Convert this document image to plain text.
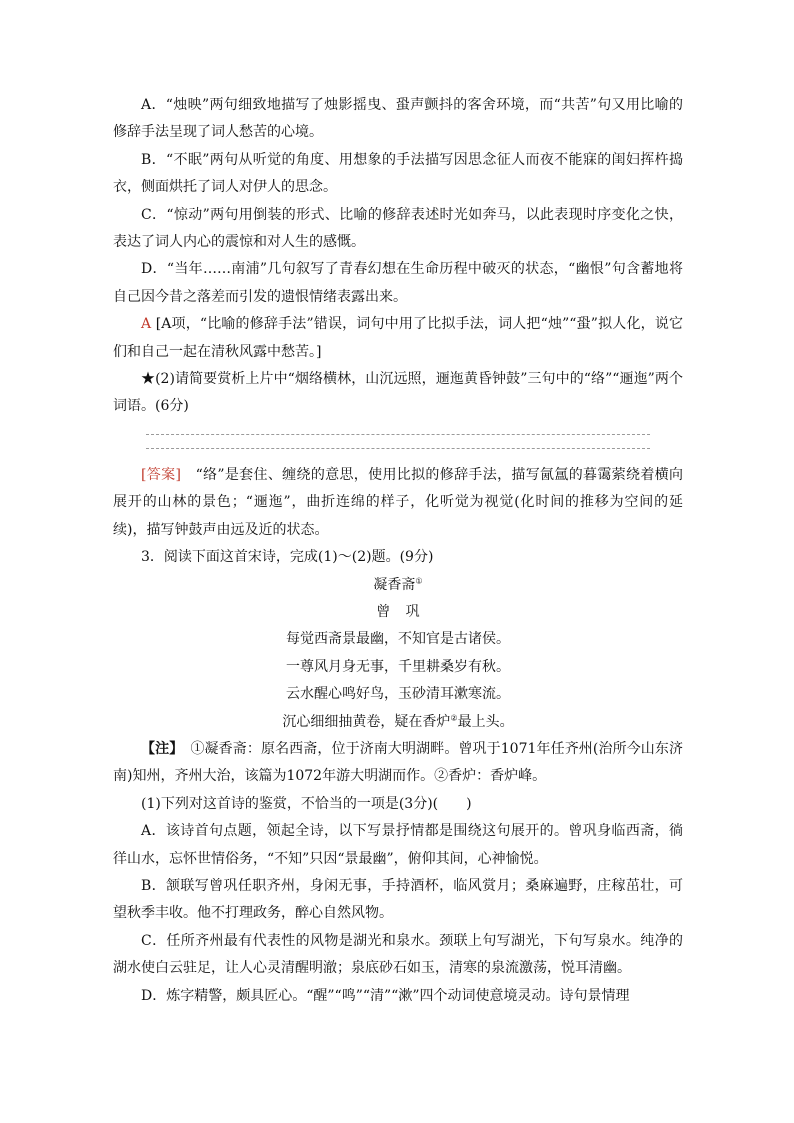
A．“烛映”两句细致地描写了烛影摇曳、蛩声颤抖的客舍环境，而“共苦”句又用比喻的修辞手法呈现了词人愁苦的心境。

B．“不眠”两句从听觉的角度、用想象的手法描写因思念征人而夜不能寐的闺妇挥杵捣衣，侧面烘托了词人对伊人的思念。

C．“惊动”两句用倒装的形式、比喻的修辞表述时光如奔马，以此表现时序变化之快，表达了词人内心的震惊和对人生的感慨。

D．“当年……南浦”几句叙写了青春幻想在生命历程中破灭的状态，“幽恨”句含蓄地将自己因今昔之落差而引发的遗恨情绪表露出来。

A [A项，“比喻的修辞手法”错误，词句中用了比拟手法，词人把“烛”“蛩”拟人化，说它们和自己一起在清秋风露中愁苦。]

★(2)请简要赏析上片中“烟络横林，山沉远照，逦迤黄昏钟鼓”三句中的“络”“逦迤”两个词语。(6分)

[答案]　 “络”是套住、缠绕的意思，使用比拟的修辞手法，描写氤氲的暮霭萦绕着横向展开的山林的景色；“逦迤”，曲折连绵的样子，化听觉为视觉(化时间的推移为空间的延续)，描写钟鼓声由远及近的状态。

3．阅读下面这首宋诗，完成(1)～(2)题。(9分)

凝香斋①

曾巩

每觉西斋景最幽，不知官是古诸侯。

一尊风月身无事，千里耕桑岁有秋。

云水醒心鸣好鸟，玉砂清耳漱寒流。

沉心细细抽黄卷，疑在香炉②最上头。

【注】　 ①凝香斋：原名西斋，位于济南大明湖畔。曾巩于1071年任齐州(治所今山东济南)知州，齐州大治，该篇为1072年游大明湖而作。②香炉：香炉峰。

(1)下列对这首诗的鉴赏，不恰当的一项是(3分)(　　)

A．该诗首句点题，领起全诗，以下写景抒情都是围绕这句展开的。曾巩身临西斋，徜徉山水，忘怀世情俗务，“不知”只因“景最幽”，俯仰其间，心神愉悦。

B．颔联写曾巩任职齐州，身闲无事，手持酒杯，临风赏月；桑麻遍野，庄稼茁壮，可望秋季丰收。他不打理政务，醉心自然风物。

C．任所齐州最有代表性的风物是湖光和泉水。颈联上句写湖光，下句写泉水。纯净的湖水使白云驻足，让人心灵清醒明澈；泉底砂石如玉，清寒的泉流激荡，悦耳清幽。

D．炼字精警，颇具匠心。“醒”“鸣”“清”“漱”四个动词使意境灵动。诗句景情理
